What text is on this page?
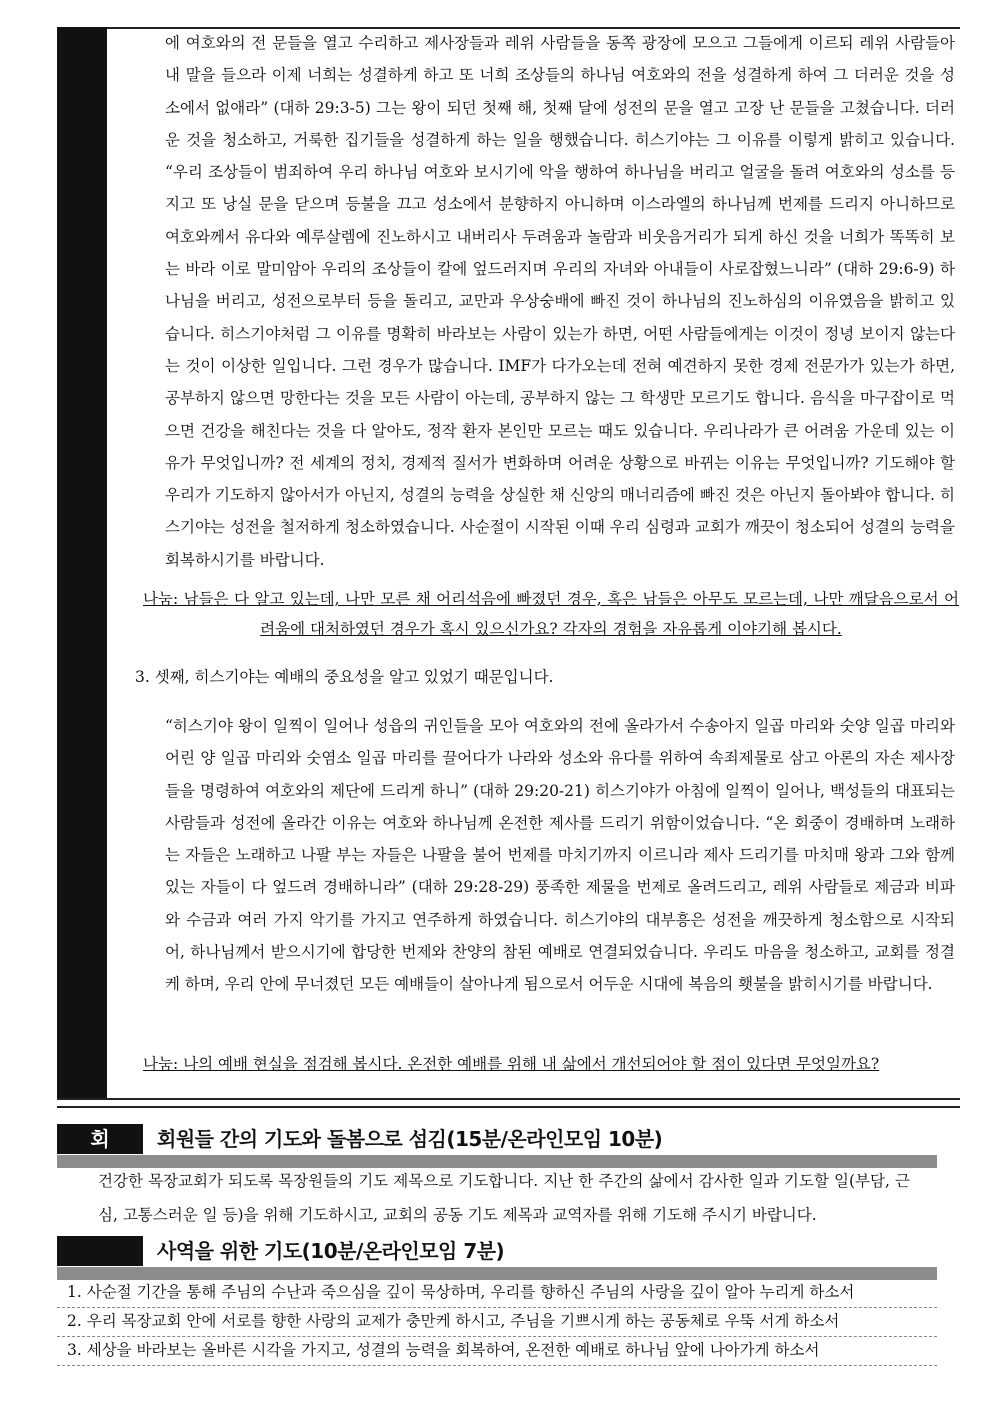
에 여호와의 전 문들을 열고 수리하고 제사장들과 레위 사람들을 동쪽 광장에 모으고 그들에게 이르되 레위 사람들아 내 말을 들으라 이제 너희는 성결하게 하고 또 너희 조상들의 하나님 여호와의 전을 성결하게 하여 그 더러운 것을 성소에서 없애라” (대하 29:3-5) 그는 왕이 되던 첫째 해, 첫째 달에 성전의 문을 열고 고장 난 문들을 고쳤습니다. 더러운 것을 청소하고, 거룩한 집기들을 성결하게 하는 일을 행했습니다. 히스기야는 그 이유를 이렇게 밝히고 있습니다. “우리 조상들이 범죄하여 우리 하나님 여호와 보시기에 악을 행하여 하나님을 버리고 얼굴을 돌려 여호와의 성소를 등지고 또 낭실 문을 닫으며 등불을 끄고 성소에서 분향하지 아니하며 이스라엘의 하나님께 번제를 드리지 아니하므로 여호와께서 유다와 예루살렘에 진노하시고 내버리사 두려움과 놀람과 비웃음거리가 되게 하신 것을 너희가 똑똑히 보는 바라 이로 말미암아 우리의 조상들이 칼에 엎드러지며 우리의 자녀와 아내들이 사로잡혔느니라” (대하 29:6-9) 하나님을 버리고, 성전으로부터 등을 돌리고, 교만과 우상숭배에 빠진 것이 하나님의 진노하심의 이유였음을 밝히고 있습니다. 히스기야처럼 그 이유를 명확히 바라보는 사람이 있는가 하면, 어떤 사람들에게는 이것이 정녕 보이지 않는다는 것이 이상한 일입니다. 그런 경우가 많습니다. IMF가 다가오는데 전혀 예견하지 못한 경제 전문가가 있는가 하면, 공부하지 않으면 망한다는 것을 모든 사람이 아는데, 공부하지 않는 그 학생만 모르기도 합니다. 음식을 마구잡이로 먹으면 건강을 해친다는 것을 다 알아도, 정작 환자 본인만 모르는 때도 있습니다. 우리나라가 큰 어려움 가운데 있는 이유가 무엇입니까? 전 세계의 정치, 경제적 질서가 변화하며 어려운 상황으로 바뀌는 이유는 무엇입니까? 기도해야 할 우리가 기도하지 않아서가 아닌지, 성결의 능력을 상실한 채 신앙의 매너리즘에 빠진 것은 아닌지 돌아봐야 합니다. 히스기야는 성전을 철저하게 청소하였습니다. 사순절이 시작된 이때 우리 심령과 교회가 깨끗이 청소되어 성결의 능력을 회복하시기를 바랍니다.

나눔: 남들은 다 알고 있는데, 나만 모른 채 어리석음에 빠졌던 경우, 혹은 남들은 아무도 모르는데, 나만 깨달음으로서 어려움에 대처하였던 경우가 혹시 있으신가요? 각자의 경험을 자유롭게 이야기해 봅시다.

3. 셋째, 히스기야는 예배의 중요성을 알고 있었기 때문입니다.

“히스기야 왕이 일찍이 일어나 성읍의 귀인들을 모아 여호와의 전에 올라가서 수송아지 일곱 마리와 숫양 일곱 마리와 어린 양 일곱 마리와 숫염소 일곱 마리를 끌어다가 나라와 성소와 유다를 위하여 속죄제물로 삼고 아론의 자손 제사장들을 명령하여 여호와의 제단에 드리게 하니” (대하 29:20-21) 히스기야가 아침에 일찍이 일어나, 백성들의 대표되는 사람들과 성전에 올라간 이유는 여호와 하나님께 온전한 제사를 드리기 위함이었습니다. “온 회중이 경배하며 노래하는 자들은 노래하고 나팔 부는 자들은 나팔을 불어 번제를 마치기까지 이르니라 제사 드리기를 마치매 왕과 그와 함께 있는 자들이 다 엎드려 경배하니라” (대하 29:28-29) 풍족한 제물을 번제로 올려드리고, 레위 사람들로 제금과 비파와 수금과 여러 가지 악기를 가지고 연주하게 하였습니다. 히스기야의 대부흥은 성전을 깨끗하게 청소함으로 시작되어, 하나님께서 받으시기에 합당한 번제와 찬양의 참된 예배로 연결되었습니다. 우리도 마음을 청소하고, 교회를 정결케 하며, 우리 안에 무너졌던 모든 예배들이 살아나게 됨으로서 어두운 시대에 복음의 횃불을 밝히시기를 바랍니다.

나눔: 나의 예배 현실을 점검해 봅시다. 온전한 예배를 위해 내 삶에서 개선되어야 할 점이 있다면 무엇일까요?

회	회원들 간의 기도와 돌봄으로 섬김(15분/온라인모임 10분)

건강한 목장교회가 되도록 목장원들의 기도 제목으로 기도합니다. 지난 한 주간의 삶에서 감사한 일과 기도할 일(부담, 근심, 고통스러운 일 등)을 위해 기도하시고, 교회의 공동 기도 제목과 교역자를 위해 기도해 주시기 바랍니다.

사역을 위한 기도(10분/온라인모임 7분)
1. 사순절 기간을 통해 주님의 수난과 죽으심을 깊이 묵상하며, 우리를 향하신 주님의 사랑을 깊이 알아 누리게 하소서
2. 우리 목장교회 안에 서로를 향한 사랑의 교제가 충만케 하시고, 주님을 기쁘시게 하는 공동체로 우뚝 서게 하소서
3. 세상을 바라보는 올바른 시각을 가지고, 성결의 능력을 회복하여, 온전한 예배로 하나님 앞에 나아가게 하소서
